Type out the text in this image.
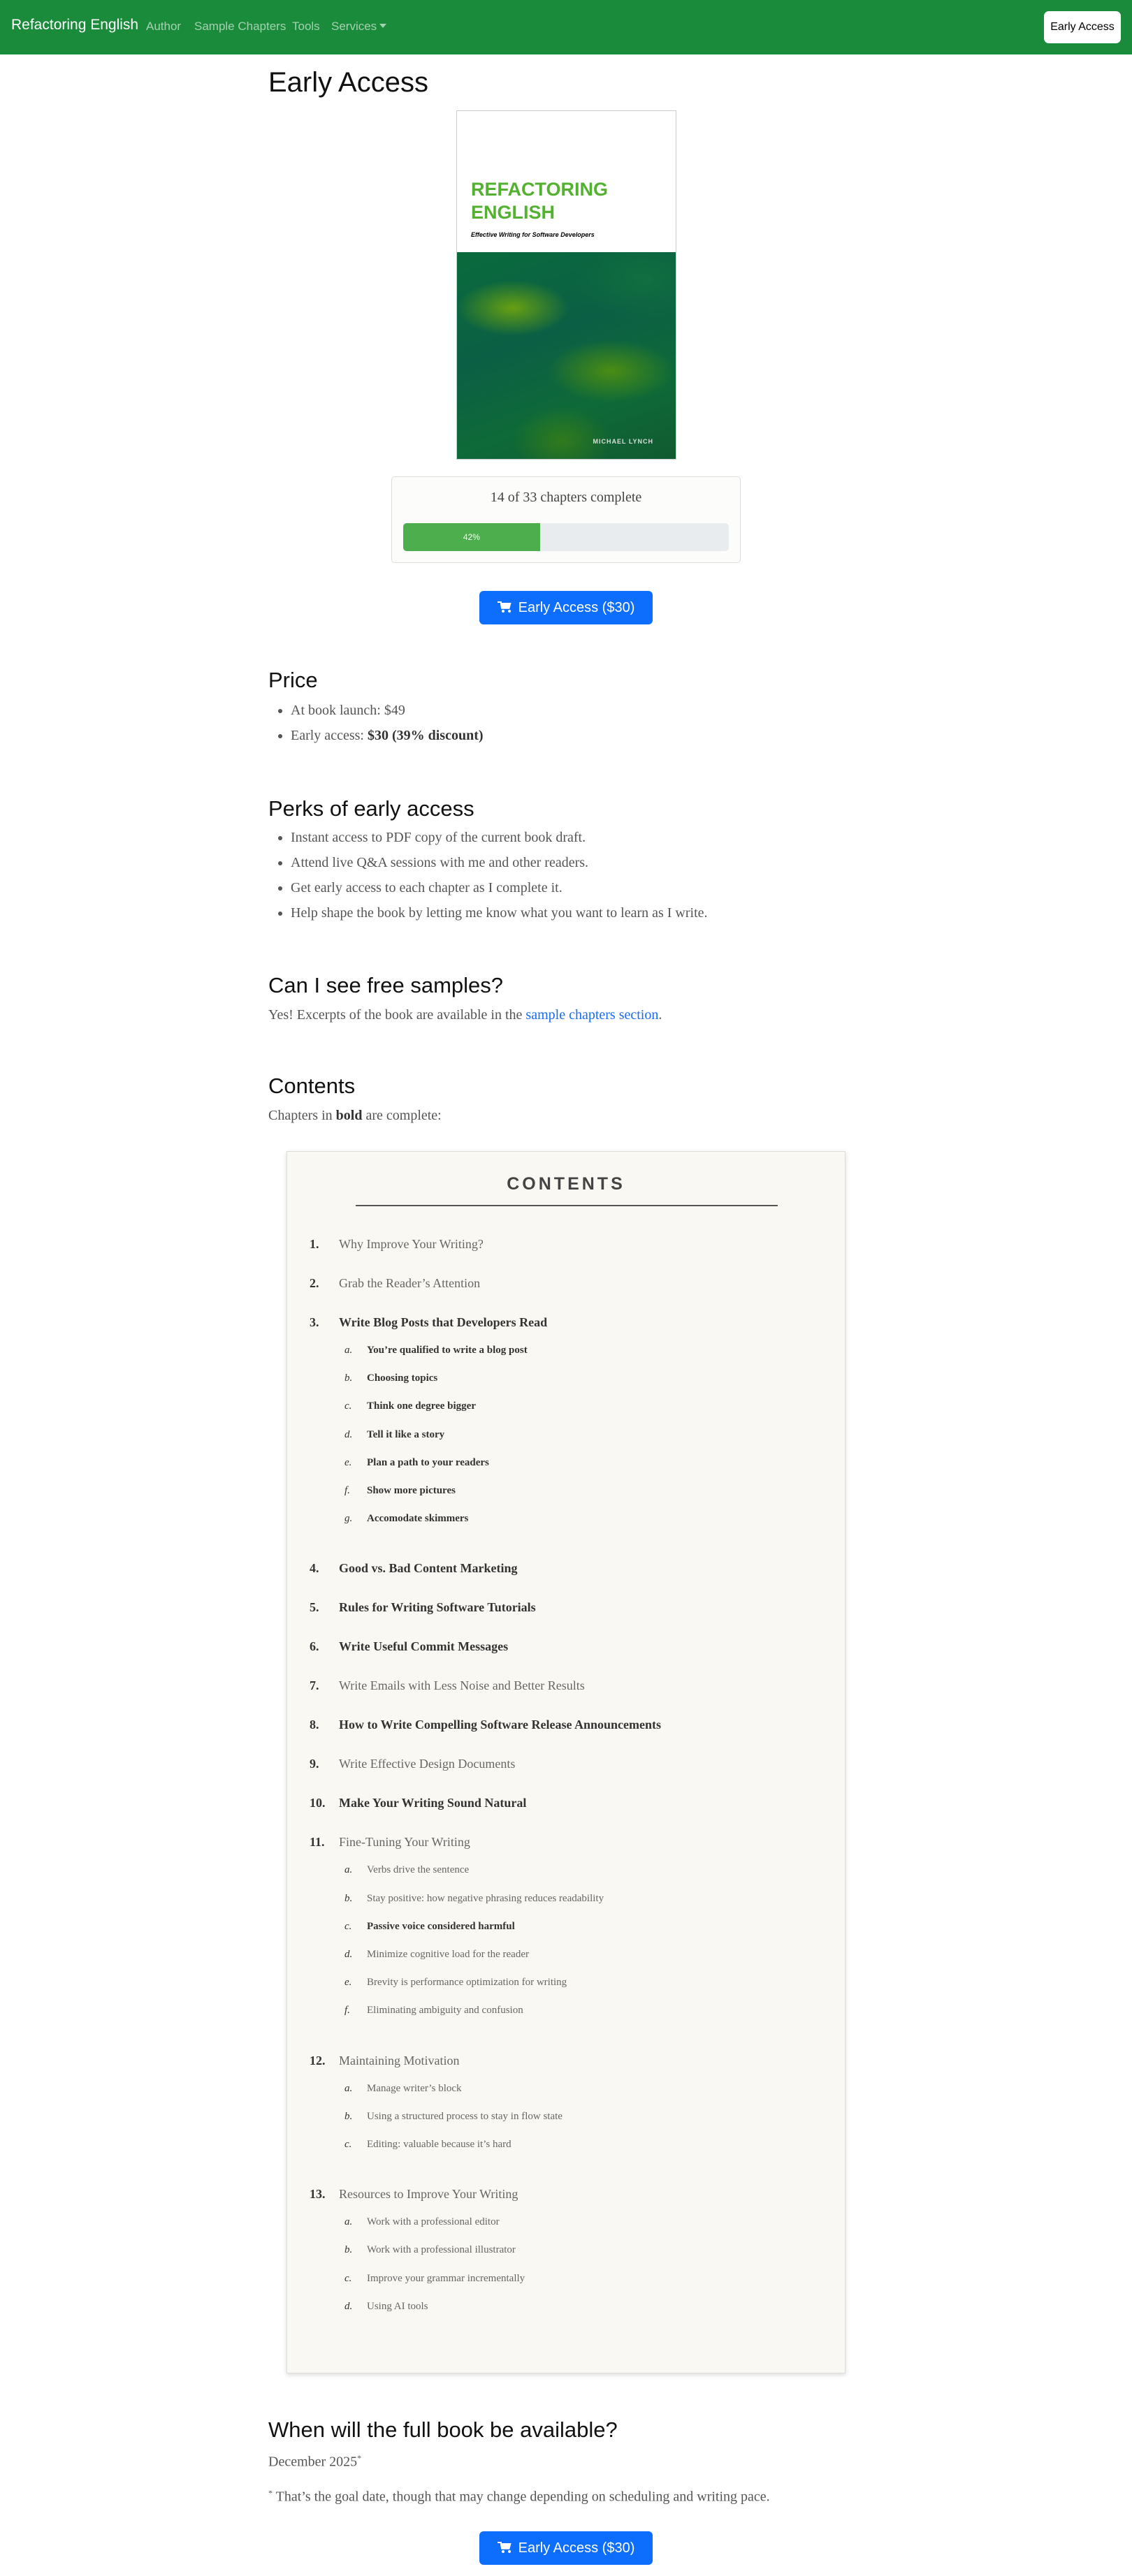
Refactoring English Author Sample Chapters Tools Services	Early Access
Early Access
REFACTORING ENGLISH
Effective Writing for Software Developers
MICHAEL LYNCH
14 of 33 chapters complete
42%
Early Access ($30)
Price
• At book launch: $49
• Early access: $30 (39% discount)
Perks of early access
• Instant access to PDF copy of the current book draft.
• Attend live Q&A sessions with me and other readers.
• Get early access to each chapter as I complete it.
• Help shape the book by letting me know what you want to learn as I write.
Can I see free samples?

Yes! Excerpts of the book are available in the sample chapters section.

Contents

Chapters in bold are complete:

CONTENTS
1.	Why Improve Your Writing?
2.	Grab the Reader’s Attention
3.	Write Blog Posts that Developers Read
a. You’re qualified to write a blog post
b. Choosing topics
c. Think one degree bigger
d. Tell it like a story
e. Plan a path to your readers
f. Show more pictures
g. Accomodate skimmers
4.	Good vs. Bad Content Marketing
5.	Rules for Writing Software Tutorials
6.	Write Useful Commit Messages
7.	Write Emails with Less Noise and Better Results
8.	How to Write Compelling Software Release Announcements
9.	Write Effective Design Documents
10.	Make Your Writing Sound Natural
11.	Fine-Tuning Your Writing
a. Verbs drive the sentence
b. Stay positive: how negative phrasing reduces readability
c. Passive voice considered harmful
d. Minimize cognitive load for the reader
e. Brevity is performance optimization for writing
f. Eliminating ambiguity and confusion
12.	Maintaining Motivation
a. Manage writer’s block
b. Using a structured process to stay in flow state
c. Editing: valuable because it’s hard
13.	Resources to Improve Your Writing
a. Work with a professional editor
b. Work with a professional illustrator
c. Improve your grammar incrementally
d. Using AI tools
When will the full book be available?

December 2025*

* That’s the goal date, though that may change depending on scheduling and writing pace.

Early Access ($30)
